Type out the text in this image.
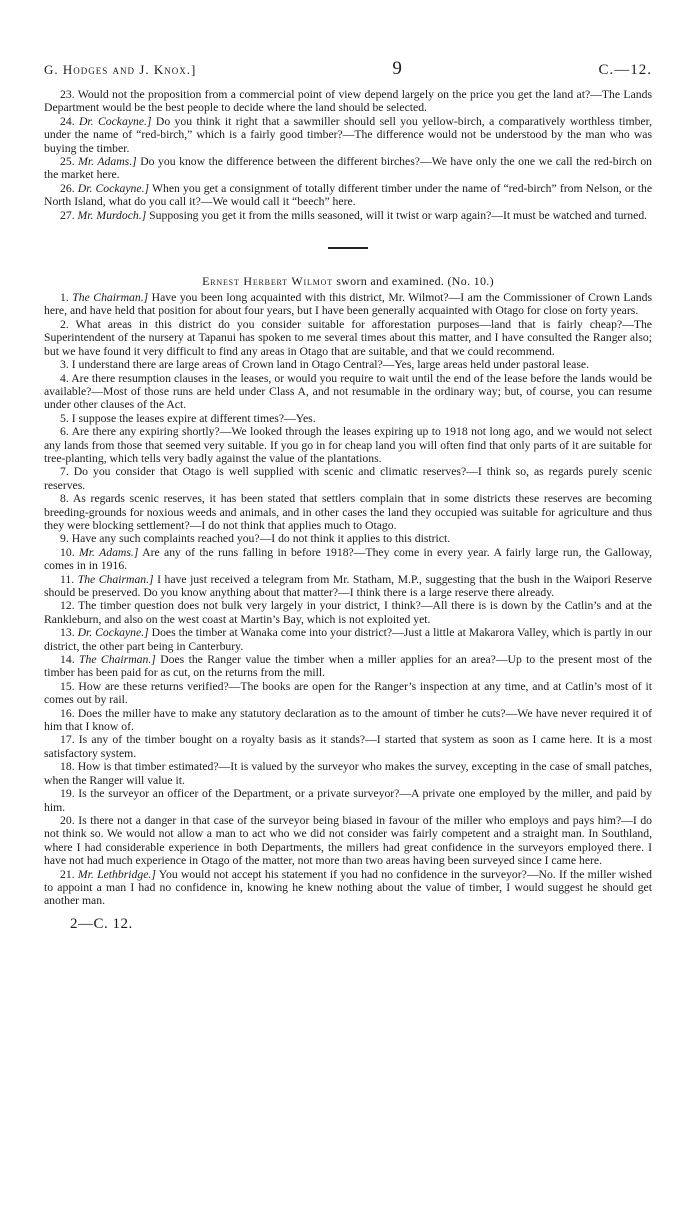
G. Hodges and J. Knox.]	9	C.—12.

23. Would not the proposition from a commercial point of view depend largely on the price you get the land at?—The Lands Department would be the best people to decide where the land should be selected.

24. Dr. Cockayne.] Do you think it right that a sawmiller should sell you yellow-birch, a comparatively worthless timber, under the name of “red-birch,” which is a fairly good timber?—The difference would not be understood by the man who was buying the timber.

25. Mr. Adams.] Do you know the difference between the different birches?—We have only the one we call the red-birch on the market here.

26. Dr. Cockayne.] When you get a consignment of totally different timber under the name of “red-birch” from Nelson, or the North Island, what do you call it?—We would call it “beech” here.

27. Mr. Murdoch.] Supposing you get it from the mills seasoned, will it twist or warp again?—It must be watched and turned.

Ernest Herbert Wilmot sworn and examined. (No. 10.)

1. The Chairman.] Have you been long acquainted with this district, Mr. Wilmot?—I am the Commissioner of Crown Lands here, and have held that position for about four years, but I have been generally acquainted with Otago for close on forty years.

2. What areas in this district do you consider suitable for afforestation purposes—land that is fairly cheap?—The Superintendent of the nursery at Tapanui has spoken to me several times about this matter, and I have consulted the Ranger also; but we have found it very difficult to find any areas in Otago that are suitable, and that we could recommend.

3. I understand there are large areas of Crown land in Otago Central?—Yes, large areas held under pastoral lease.

4. Are there resumption clauses in the leases, or would you require to wait until the end of the lease before the lands would be available?—Most of those runs are held under Class A, and not resumable in the ordinary way; but, of course, you can resume under other clauses of the Act.

5. I suppose the leases expire at different times?—Yes.

6. Are there any expiring shortly?—We looked through the leases expiring up to 1918 not long ago, and we would not select any lands from those that seemed very suitable. If you go in for cheap land you will often find that only parts of it are suitable for tree-planting, which tells very badly against the value of the plantations.

7. Do you consider that Otago is well supplied with scenic and climatic reserves?—I think so, as regards purely scenic reserves.

8. As regards scenic reserves, it has been stated that settlers complain that in some districts these reserves are becoming breeding-grounds for noxious weeds and animals, and in other cases the land they occupied was suitable for agriculture and thus they were blocking settlement?—I do not think that applies much to Otago.

9. Have any such complaints reached you?—I do not think it applies to this district.

10. Mr. Adams.] Are any of the runs falling in before 1918?—They come in every year. A fairly large run, the Galloway, comes in in 1916.

11. The Chairman.] I have just received a telegram from Mr. Statham, M.P., suggesting that the bush in the Waipori Reserve should be preserved. Do you know anything about that matter?—I think there is a large reserve there already.

12. The timber question does not bulk very largely in your district, I think?—All there is is down by the Catlin’s and at the Rankleburn, and also on the west coast at Martin’s Bay, which is not exploited yet.

13. Dr. Cockayne.] Does the timber at Wanaka come into your district?—Just a little at Makarora Valley, which is partly in our district, the other part being in Canterbury.

14. The Chairman.] Does the Ranger value the timber when a miller applies for an area?—Up to the present most of the timber has been paid for as cut, on the returns from the mill.

15. How are these returns verified?—The books are open for the Ranger’s inspection at any time, and at Catlin’s most of it comes out by rail.

16. Does the miller have to make any statutory declaration as to the amount of timber he cuts?—We have never required it of him that I know of.

17. Is any of the timber bought on a royalty basis as it stands?—I started that system as soon as I came here. It is a most satisfactory system.

18. How is that timber estimated?—It is valued by the surveyor who makes the survey, excepting in the case of small patches, when the Ranger will value it.

19. Is the surveyor an officer of the Department, or a private surveyor?—A private one employed by the miller, and paid by him.

20. Is there not a danger in that case of the surveyor being biased in favour of the miller who employs and pays him?—I do not think so. We would not allow a man to act who we did not consider was fairly competent and a straight man. In Southland, where I had considerable experience in both Departments, the millers had great confidence in the surveyors employed there. I have not had much experience in Otago of the matter, not more than two areas having been surveyed since I came here.

21. Mr. Lethbridge.] You would not accept his statement if you had no confidence in the surveyor?—No. If the miller wished to appoint a man I had no confidence in, knowing he knew nothing about the value of timber, I would suggest he should get another man.

2—C. 12.
